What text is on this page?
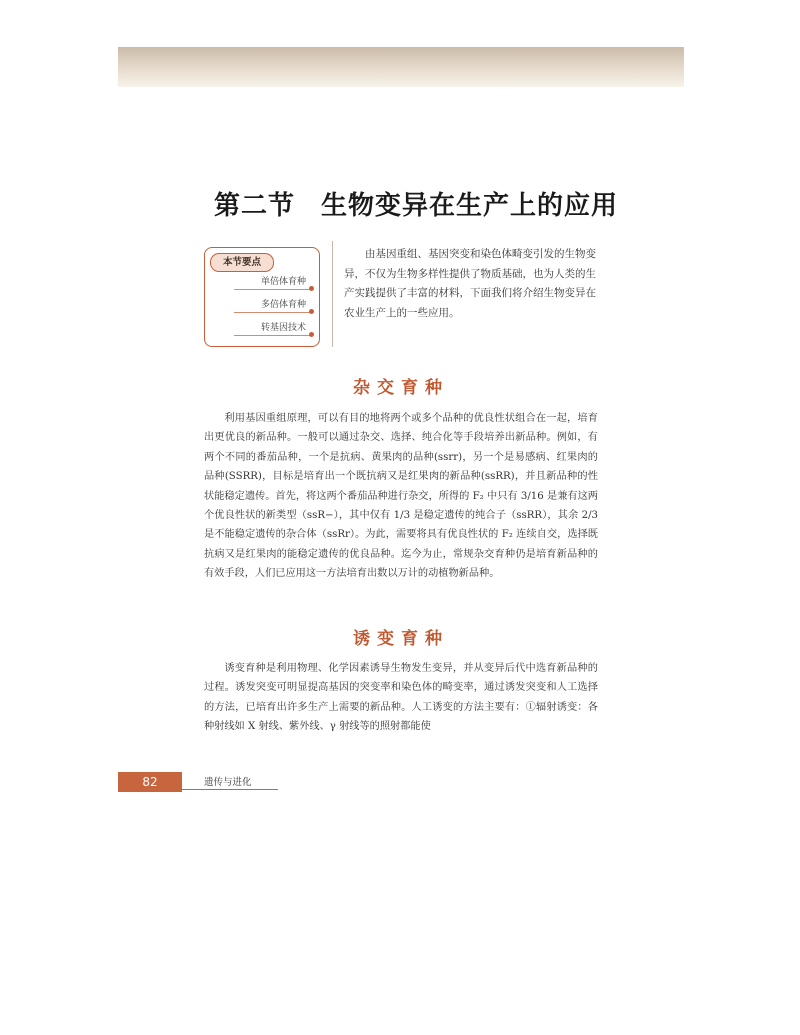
第二节 生物变异在生产上的应用
本节要点
单倍体育种
多倍体育种
转基因技术
由基因重组、基因突变和染色体畸变引发的生物变异，不仅为生物多样性提供了物质基础，也为人类的生产实践提供了丰富的材料，下面我们将介绍生物变异在农业生产上的一些应用。
杂交育种

利用基因重组原理，可以有目的地将两个或多个品种的优良性状组合在一起，培育出更优良的新品种。一般可以通过杂交、选择、纯合化等手段培养出新品种。例如，有两个不同的番茄品种，一个是抗病、黄果肉的品种(ssrr)，另一个是易感病、红果肉的品种(SSRR)，目标是培育出一个既抗病又是红果肉的新品种(ssRR)，并且新品种的性状能稳定遗传。首先，将这两个番茄品种进行杂交，所得的 F₂ 中只有 3/16 是兼有这两个优良性状的新类型（ssR−），其中仅有 1/3 是稳定遗传的纯合子（ssRR），其余 2/3 是不能稳定遗传的杂合体（ssRr）。为此，需要将具有优良性状的 F₂ 连续自交，选择既抗病又是红果肉的能稳定遗传的优良品种。迄今为止，常规杂交育种仍是培育新品种的有效手段，人们已应用这一方法培育出数以万计的动植物新品种。

诱变育种

诱变育种是利用物理、化学因素诱导生物发生变异，并从变异后代中选育新品种的过程。诱发突变可明显提高基因的突变率和染色体的畸变率，通过诱发突变和人工选择的方法，已培育出许多生产上需要的新品种。人工诱变的方法主要有：①辐射诱变：各种射线如 X 射线、紫外线、γ 射线等的照射都能使

82	遗传与进化
